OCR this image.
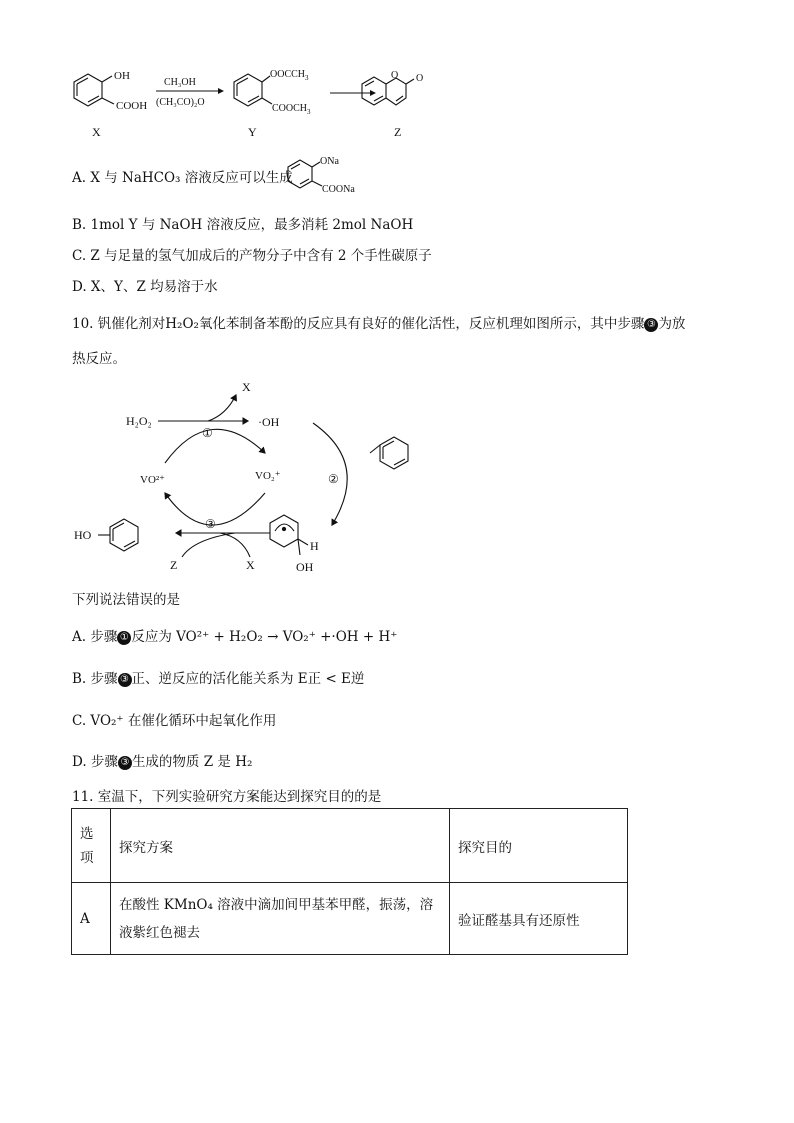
OH
COOH
X
CH₃OH
(CH₃CO)₂O
$OOCCH_3$
$COOCH_3$
Y
O O
Z
A. X 与 NaHCO₃ 溶液反应可以生成
ONa
COONa
B. 1mol Y 与 NaOH 溶液反应，最多消耗 2mol NaOH
C. Z 与足量的氢气加成后的产物分子中含有 2 个手性碳原子
D. X、Y、Z 均易溶于水
10. 钒催化剂对H₂O₂氧化苯制备苯酚的反应具有良好的催化活性，反应机理如图所示，其中步骤 ③ 为放
热反应。
H₂O₂
X
·OH
VO²⁺	VO₂⁺
①
②
③
H
OH
HO
Z	X
下列说法错误的是
A. 步骤 ① 反应为 VO²⁺ + H₂O₂ → VO₂⁺ +·OH + H⁺
B. 步骤 ③ 正、逆反应的活化能关系为 E正 < E逆
C. VO₂⁺ 在催化循环中起氧化作用
D. 步骤 ③ 生成的物质 Z 是 H₂
11. 室温下，下列实验研究方案能达到探究目的的是
选项	探究方案	探究目的
A	在酸性 KMnO₄ 溶液中滴加间甲基苯甲醛，振荡，溶
液紫红色褪去	验证醛基具有还原性
